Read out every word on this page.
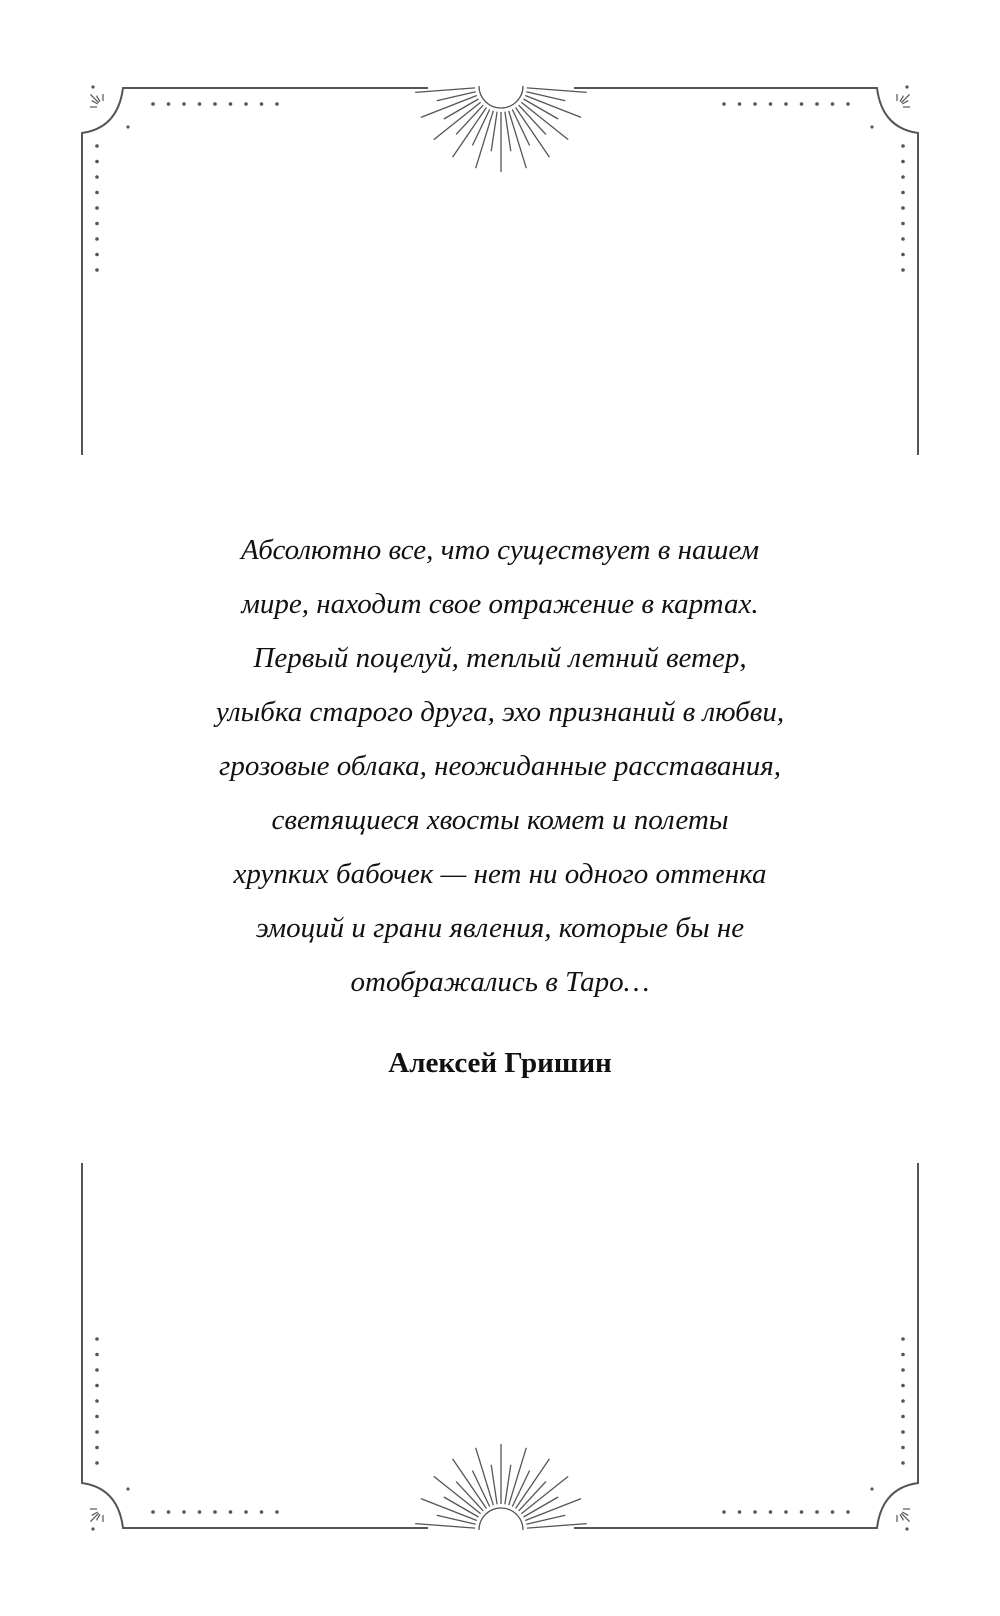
Абсолютно все, что существует в нашем
мире, находит свое отражение в картах.
Первый поцелуй, теплый летний ветер,
улыбка старого друга, эхо признаний в любви,
грозовые облака, неожиданные расставания,
светящиеся хвосты комет и полеты
хрупких бабочек — нет ни одного оттенка
эмоций и грани явления, которые бы не
отображались в Таро…

Алексей Гришин
